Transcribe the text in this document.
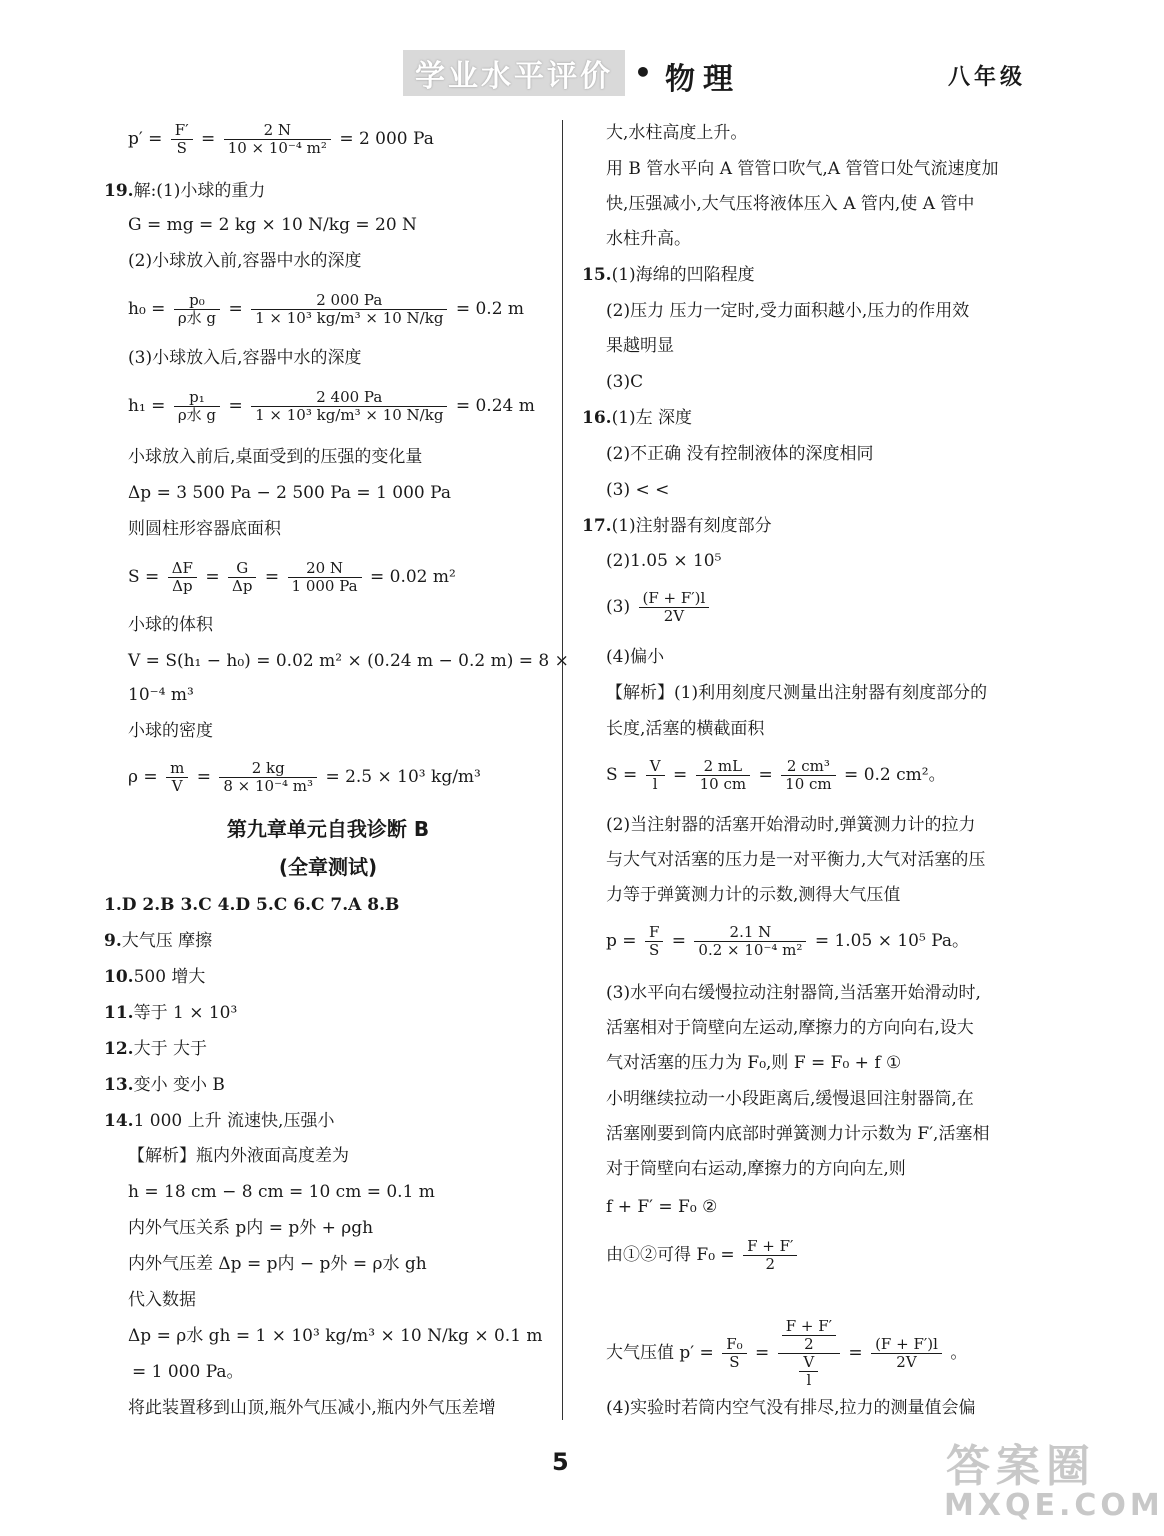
学业水平评价 • 物理	八年级
$p' = \frac{F'}{S} = \frac{2 N}{\text{10 × 10⁻⁴ m²}} = 2$ 000 Pa
19.解:(1)小球的重力
G = mg = 2 kg × 10 N/kg = 20 N
(2)小球放入前,容器中水的深度
$h_0 = \frac{\text{p₀}}{\text{ρ水 g}} = \frac{2 000 Pa}{\text{1 × 10³ kg/m³ × 10 N/kg}} = 0.2$ m
(3)小球放入后,容器中水的深度
$h_1 = \frac{\text{p₁}}{\text{ρ水 g}} = \frac{2 400 Pa}{\text{1 × 10³ kg/m³ × 10 N/kg}} = 0.24$ m
小球放入前后,桌面受到的压强的变化量
Δp = 3 500 Pa − 2 500 Pa = 1 000 Pa
则圆柱形容器底面积
$S = \frac{\Delta F}{\Delta p} = \frac{G}{\Delta p} = \frac{20 N}{1 000 Pa} = 0.02$ m²
小球的体积
V = S(h₁ − h₀) = 0.02 m² × (0.24 m − 0.2 m) = 8 ×
10⁻⁴ m³
小球的密度
$\rho = \frac{m}{V} = \frac{2 kg}{\text{8 × 10⁻⁴ m³}} = 2.5 \times 10^3$ kg/m³
第九章单元自我诊断 B
(全章测试)
1.D 2.B 3.C 4.D 5.C 6.C 7.A 8.B
9.大气压 摩擦
10.500 增大
11.等于 1 × 10³
12.大于 大于
13.变小 变小 B
14.1 000 上升 流速快,压强小
【解析】瓶内外液面高度差为
h = 18 cm − 8 cm = 10 cm = 0.1 m
内外气压关系 p内 = p外 + ρgh
内外气压差 Δp = p内 − p外 = ρ水 gh
代入数据
Δp = ρ水 gh = 1 × 10³ kg/m³ × 10 N/kg × 0.1 m
= 1 000 Pa。
将此装置移到山顶,瓶外气压减小,瓶内外气压差增
大,水柱高度上升。
用 B 管水平向 A 管管口吹气,A 管管口处气流速度加
快,压强减小,大气压将液体压入 A 管内,使 A 管中
水柱升高。
15.(1)海绵的凹陷程度
(2)压力 压力一定时,受力面积越小,压力的作用效
果越明显
(3)C
16.(1)左 深度
(2)不正确 没有控制液体的深度相同
(3) < <
17.(1)注射器有刻度部分
(2)1.05 × 10⁵
$(3) \frac{(F + F')l}{2V}$
(4)偏小
【解析】(1)利用刻度尺测量出注射器有刻度部分的
长度,活塞的横截面积
$S = \frac{V}{l} = \frac{2 mL}{10 cm} = \frac{\text{2 cm³}}{10 cm} = 0.2$ cm²。
(2)当注射器的活塞开始滑动时,弹簧测力计的拉力
与大气对活塞的压力是一对平衡力,大气对活塞的压
力等于弹簧测力计的示数,测得大气压值
$p = \frac{F}{S} = \frac{2.1 N}{\text{0.2 × 10⁻⁴ m²}} = 1.05 \times 10^5$ Pa。
(3)水平向右缓慢拉动注射器筒,当活塞开始滑动时,
活塞相对于筒壁向左运动,摩擦力的方向向右,设大
气对活塞的压力为 F₀,则 F = F₀ + f ①
小明继续拉动一小段距离后,缓慢退回注射器筒,在
活塞刚要到筒内底部时弹簧测力计示数为 F′,活塞相
对于筒壁向右运动,摩擦力的方向向左,则
f + F′ = F₀ ②
由①②可得 $F_0 = \frac{F + F'}{2}$
大气压值 $p' = \frac{\text{F₀}}{S} = \frac{\frac{F + F'}{2}}{\frac{V}{l}} = \frac{(F + F')l}{2V}$ 。
(4)实验时若筒内空气没有排尽,拉力的测量值会偏
5	答案圈
MXQE.COM
